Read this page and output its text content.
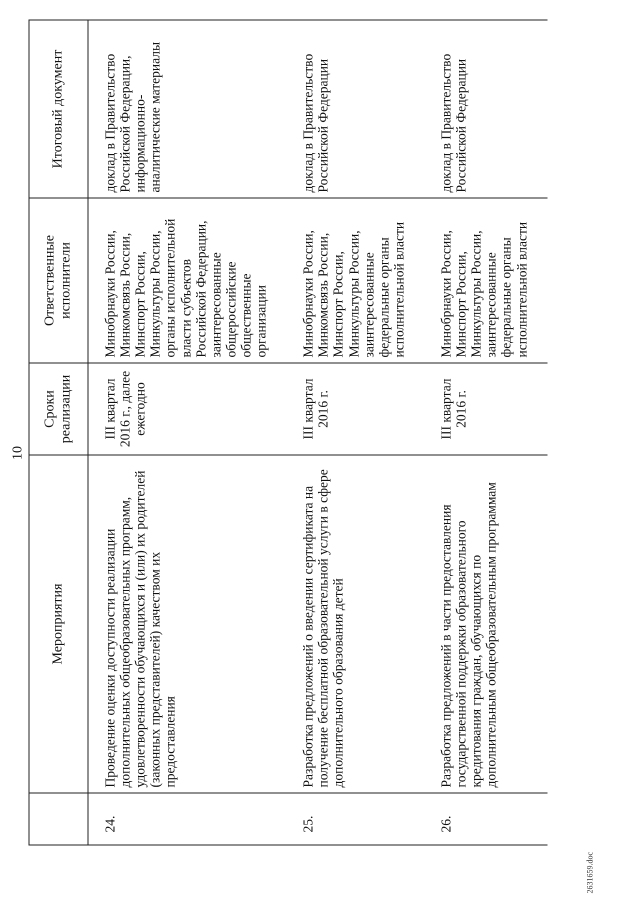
10
	Мероприятия	Сроки реализации	Ответственные исполнители	Итоговый документ
24.	Проведение оценки доступности реализации дополнительных общеобразовательных программ, удовлетворенности обучающихся и (или) их родителей (законных представителей) качеством их предоставления	III квартал 2016 г., далее ежегодно	Минобрнауки России, Минкомсвязь России, Минспорт России, Минкультуры России, органы исполнительной власти субъектов Российской Федерации, заинтересованные общероссийские общественные организации	доклад в Правительство Российской Федерации, информационно-аналитические материалы
25.	Разработка предложений о введении сертификата на получение бесплатной образовательной услуги в сфере дополнительного образования детей	III квартал 2016 г.	Минобрнауки России, Минкомсвязь России, Минспорт России, Минкультуры России, заинтересованные федеральные органы исполнительной власти	доклад в Правительство Российской Федерации
26.	Разработка предложений в части предоставления государственной поддержки образовательного кредитования граждан, обучающихся по дополнительным общеобразовательным программам	III квартал 2016 г.	Минобрнауки России, Минспорт России, Минкультуры России, заинтересованные федеральные органы исполнительной власти	доклад в Правительство Российской Федерации
2631659.doc
